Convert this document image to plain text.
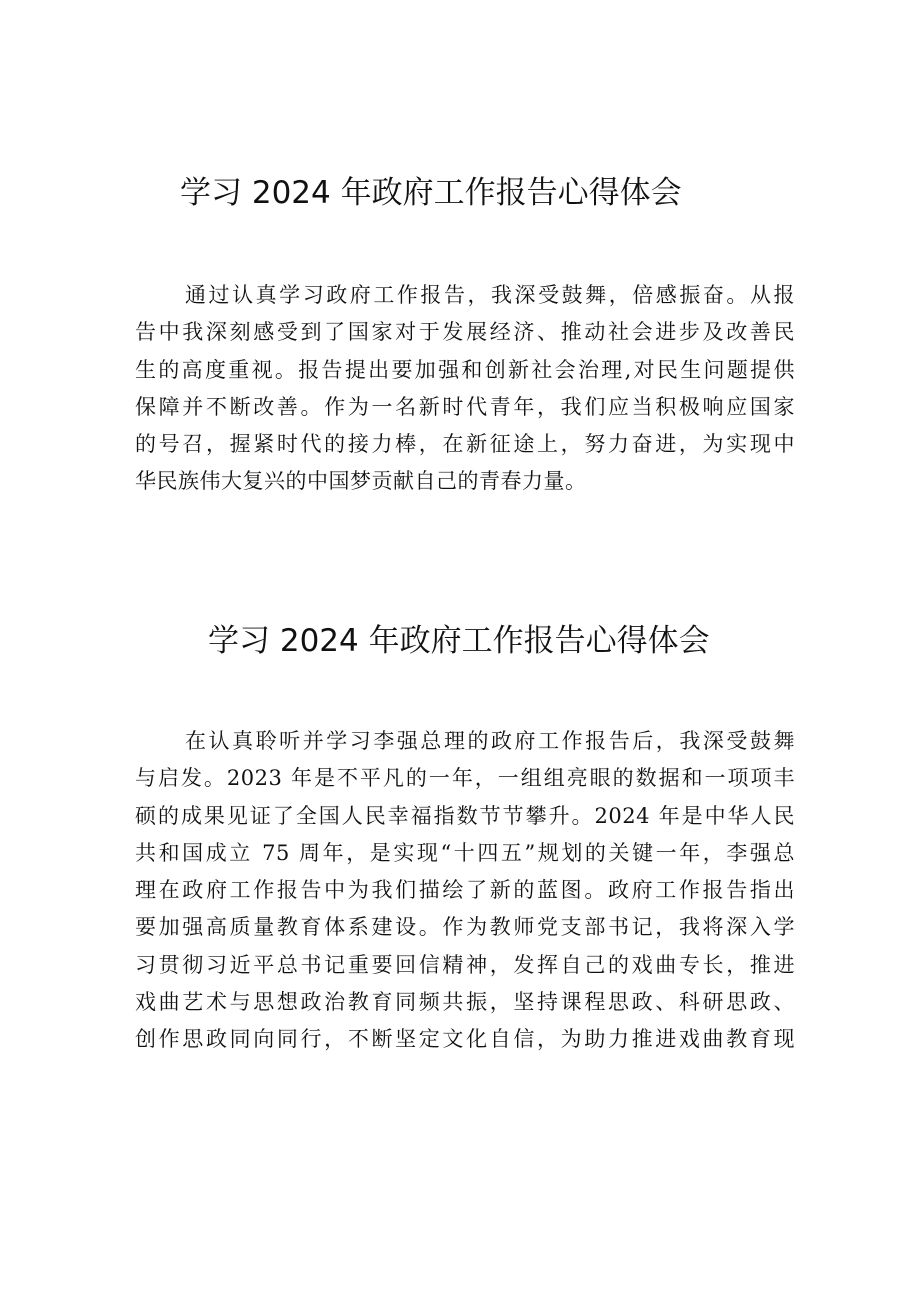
学习 2024 年政府工作报告心得体会
通过认真学习政府工作报告，我深受鼓舞，倍感振奋。从报
告中我深刻感受到了国家对于发展经济、推动社会进步及改善民
生的高度重视。报告提出要加强和创新社会治理,对民生问题提供
保障并不断改善。作为一名新时代青年，我们应当积极响应国家
的号召，握紧时代的接力棒，在新征途上，努力奋进，为实现中
华民族伟大复兴的中国梦贡献自己的青春力量。
学习 2024 年政府工作报告心得体会
在认真聆听并学习李强总理的政府工作报告后，我深受鼓舞
与启发。2023 年是不平凡的一年，一组组亮眼的数据和一项项丰
硕的成果见证了全国人民幸福指数节节攀升。2024 年是中华人民
共和国成立 75 周年，是实现“十四五”规划的关键一年，李强总
理在政府工作报告中为我们描绘了新的蓝图。政府工作报告指出
要加强高质量教育体系建设。作为教师党支部书记，我将深入学
习贯彻习近平总书记重要回信精神，发挥自己的戏曲专长，推进
戏曲艺术与思想政治教育同频共振，坚持课程思政、科研思政、
创作思政同向同行，不断坚定文化自信，为助力推进戏曲教育现
